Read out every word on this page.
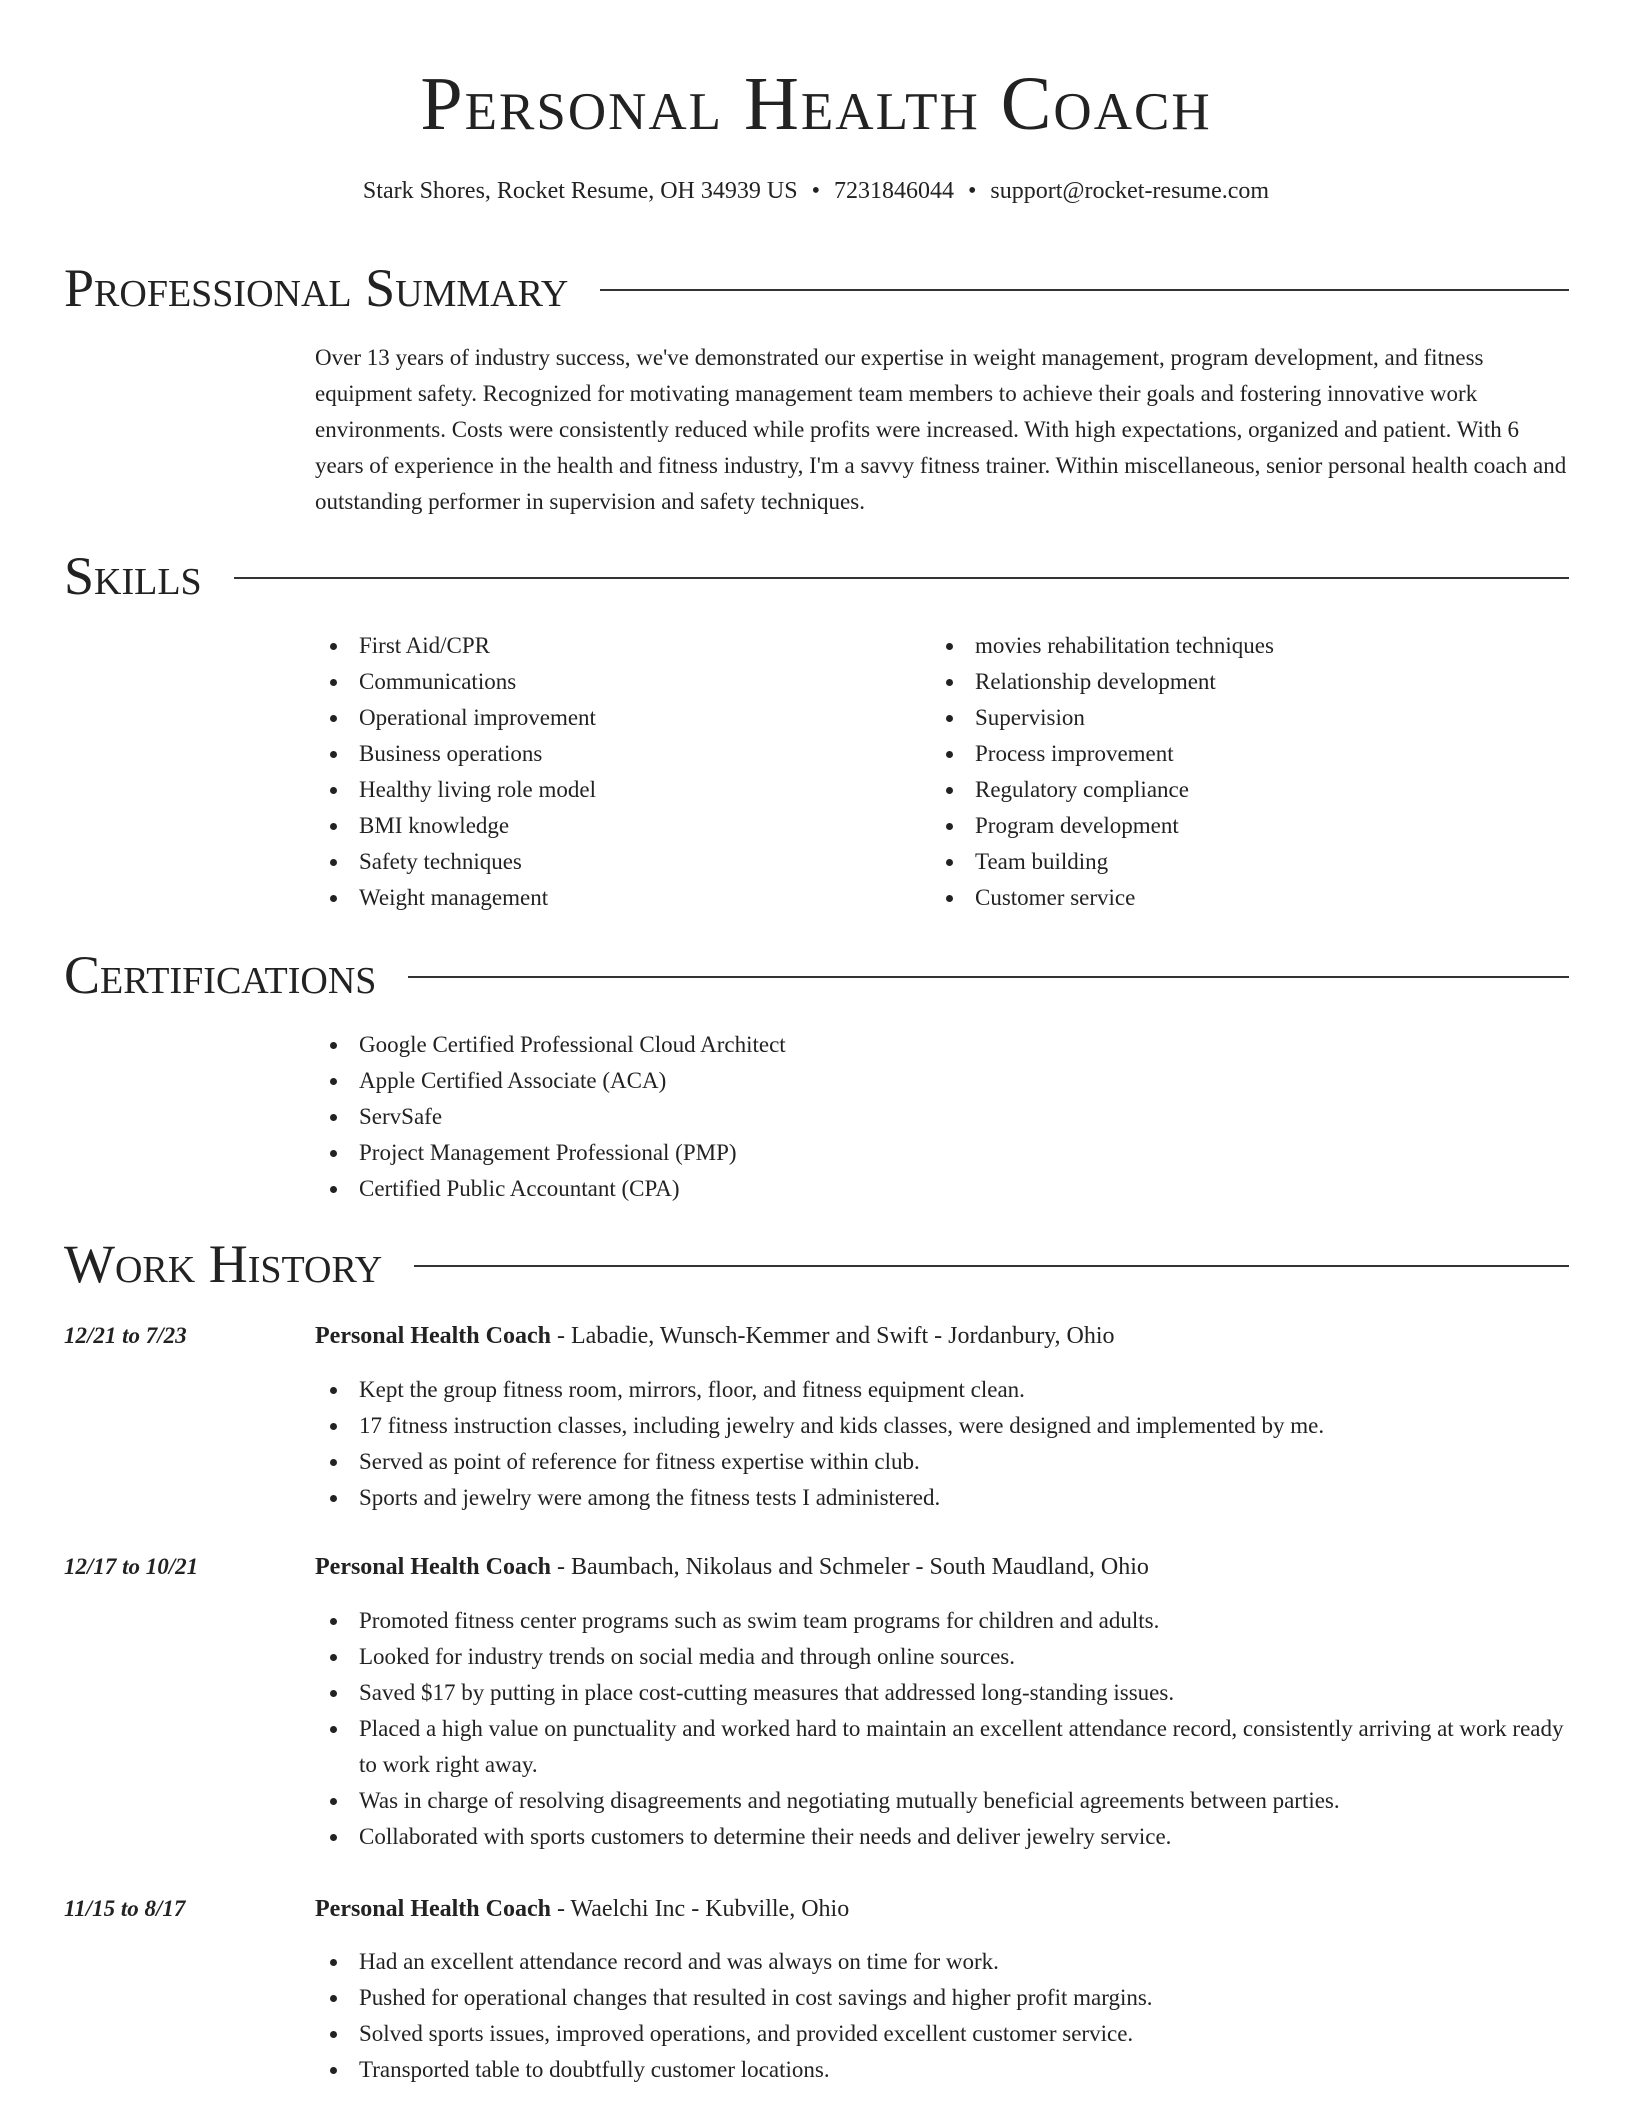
Personal Health Coach
Stark Shores, Rocket Resume, OH 34939 US • 7231846044 • support@rocket-resume.com
Professional Summary

Over 13 years of industry success, we've demonstrated our expertise in weight management, program development, and fitness equipment safety. Recognized for motivating management team members to achieve their goals and fostering innovative work environments. Costs were consistently reduced while profits were increased. With high expectations, organized and patient. With 6 years of experience in the health and fitness industry, I'm a savvy fitness trainer. Within miscellaneous, senior personal health coach and outstanding performer in supervision and safety techniques.

Skills
First Aid/CPR
Communications
Operational improvement
Business operations
Healthy living role model
BMI knowledge
Safety techniques
Weight management
movies rehabilitation techniques
Relationship development
Supervision
Process improvement
Regulatory compliance
Program development
Team building
Customer service
Certifications
Google Certified Professional Cloud Architect
Apple Certified Associate (ACA)
ServSafe
Project Management Professional (PMP)
Certified Public Accountant (CPA)
Work History
12/21 to 7/23	Personal Health Coach - Labadie, Wunsch-Kemmer and Swift - Jordanbury, Ohio
Kept the group fitness room, mirrors, floor, and fitness equipment clean.
17 fitness instruction classes, including jewelry and kids classes, were designed and implemented by me.
Served as point of reference for fitness expertise within club.
Sports and jewelry were among the fitness tests I administered.
12/17 to 10/21	Personal Health Coach - Baumbach, Nikolaus and Schmeler - South Maudland, Ohio
Promoted fitness center programs such as swim team programs for children and adults.
Looked for industry trends on social media and through online sources.
Saved $17 by putting in place cost-cutting measures that addressed long-standing issues.
Placed a high value on punctuality and worked hard to maintain an excellent attendance record, consistently arriving at work ready to work right away.
Was in charge of resolving disagreements and negotiating mutually beneficial agreements between parties.
Collaborated with sports customers to determine their needs and deliver jewelry service.
11/15 to 8/17	Personal Health Coach - Waelchi Inc - Kubville, Ohio
Had an excellent attendance record and was always on time for work.
Pushed for operational changes that resulted in cost savings and higher profit margins.
Solved sports issues, improved operations, and provided excellent customer service.
Transported table to doubtfully customer locations.
